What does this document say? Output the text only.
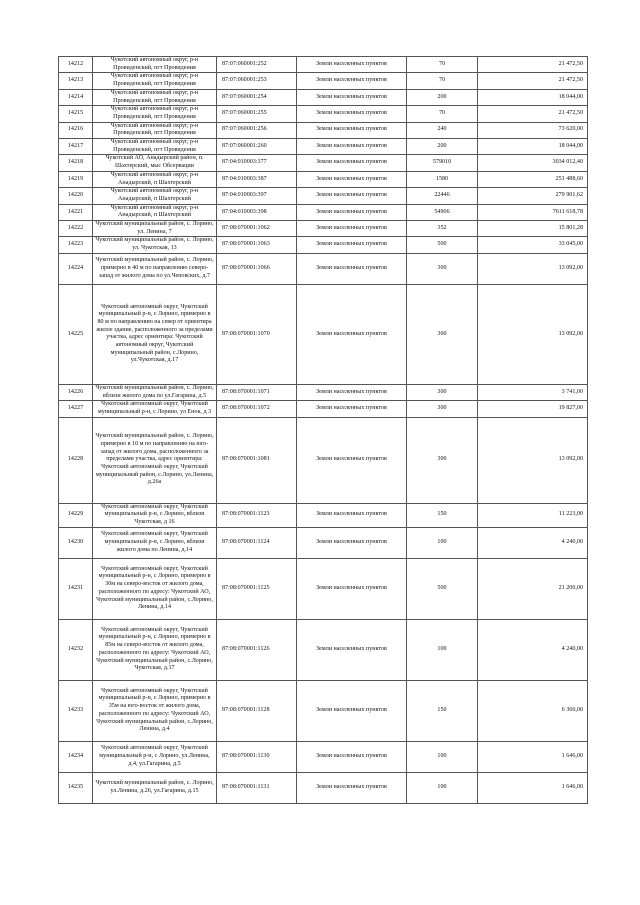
14212	Чукотский автономный округ, р-н Провиденский, пгт Провидения	87:07:060001:252	Земли населенных пунктов	70	21 472,50
14213	Чукотский автономный округ, р-н Провиденский, пгт Провидения	87:07:060001:253	Земли населенных пунктов	70	21 472,50
14214	Чукотский автономный округ, р-н Провиденский, пгт Провидения	87:07:060001:254	Земли населенных пунктов	200	18 044,00
14215	Чукотский автономный округ, р-н Провиденский, пгт Провидения	87:07:060001:255	Земли населенных пунктов	70	21 472,50
14216	Чукотский автономный округ, р-н Провиденский, пгт Провидения	87:07:060001:256	Земли населенных пунктов	240	73 620,00
14217	Чукотский автономный округ, р-н Провиденский, пгт Провидения	87:07:060001:260	Земли населенных пунктов	200	18 044,00
14218	Чукотский АО, Анадырский район, п. Шахтерский, мыс Обсервации	87:04:010003:377	Земли населенных пунктов	579010	3034 012,40
14219	Чукотский автономный округ, р-н Анадырский, п Шахтерский	87:04:010003:387	Земли населенных пунктов	1580	251 488,60
14220	Чукотский автономный округ, р-н Анадырский, п Шахтерский	87:04:010003:397	Земли населенных пунктов	22446	279 901,62
14221	Чукотский автономный округ, р-н Анадырский, п Шахтерский	87:04:010003:398	Земли населенных пунктов	54906	7611 618,78
14222	Чукотский муниципальный район, с. Лорино, ул. Ленина, 7	87:08:070001:1062	Земли населенных пунктов	352	15 801,28
14223	Чукотский муниципальный район, с. Лорино, ул. Чукотская, 13	87:08:070001:1063	Земли населенных пунктов	500	33 045,00
14224	Чукотский муниципальный район, с. Лорино, примерно в 40 м по направлению северо-запад от жилого дома по ул.Чеповских, д.7	87:08:070001:1066	Земли населенных пунктов	300	13 092,00
14225	Чукотский автономный округ, Чукотский муниципальный р-н, с Лорино, примерно в 80 м по направлению на север от ориентира жилое здание, расположенного за пределами участка, адрес ориентира: Чукотский автономный округ, Чукотский муниципальный район, с.Лорино, ул.Чукотская, д.17	87:08:070001:1070	Земли населенных пунктов	300	13 092,00
14226	Чукотский муниципальный район, с. Лорино, вблизи жилого дома по ул.Гагарина, д.5	87:08:070001:1071	Земли населенных пунктов	300	3 741,00
14227	Чукотский автономный округ, Чукотский муниципальный р-н, с Лорино, ул Енок, д 3	87:08:070001:1072	Земли населенных пунктов	300	19 827,00
14228	Чукотский муниципальный район, с. Лорино, примерно в 10 м по направлению на юго-запад от жилого дома, расположенного за пределами участка, адрес ориентира: Чукотский автономный округ, Чукотский муниципальный район, с.Лорино, ул.Ленина, д.26а	87:08:070001:1081	Земли населенных пунктов	300	13 092,00
14229	Чукотский автономный округ, Чукотский муниципальный р-н, с Лорино, вблизи Чукотская, д 16	87:08:070001:1123	Земли населенных пунктов	150	11 223,00
14230	Чукотский автономный округ, Чукотский муниципальный р-н, с Лорино, вблизи жилого дома по Ленина, д.14	87:08:070001:1124	Земли населенных пунктов	100	4 240,00
14231	Чукотский автономный округ, Чукотский муниципальный р-н, с Лорино, примерно в 30м на северо-восток от жилого дома, расположенного по адресу: Чукотский АО, Чукотский муниципальный район, с.Лорино, Ленина, д.14	87:08:070001:1125	Земли населенных пунктов	500	21 200,00
14232	Чукотский автономный округ, Чукотский муниципальный р-н, с Лорино, примерно в 85м на северо-восток от жилого дома, расположенного по адресу: Чукотский АО, Чукотский муниципальный район, с.Лорино, Чукотская, д.17	87:08:070001:1126	Земли населенных пунктов	100	4 240,00
14233	Чукотский автономный округ, Чукотский муниципальный р-н, с Лорино, примерно в 35м на юго-восток от жилого дома, расположенного по адресу: Чукотский АО, Чукотский муниципальный район, с.Лорино, Ленина, д.4	87:08:070001:1128	Земли населенных пунктов	150	6 360,00
14234	Чукотский автономный округ, Чукотский муниципальный р-н, с Лорино, ул.Ленина, д.4, ул.Гагарина, д.5	87:08:070001:1130	Земли населенных пунктов	100	1 646,00
14235	Чукотский муниципальный район, с. Лорино, ул.Ленина, д.26, ул.Гагарина, д.15	87:08:070001:1131	Земли населенных пунктов	100	1 646,00
